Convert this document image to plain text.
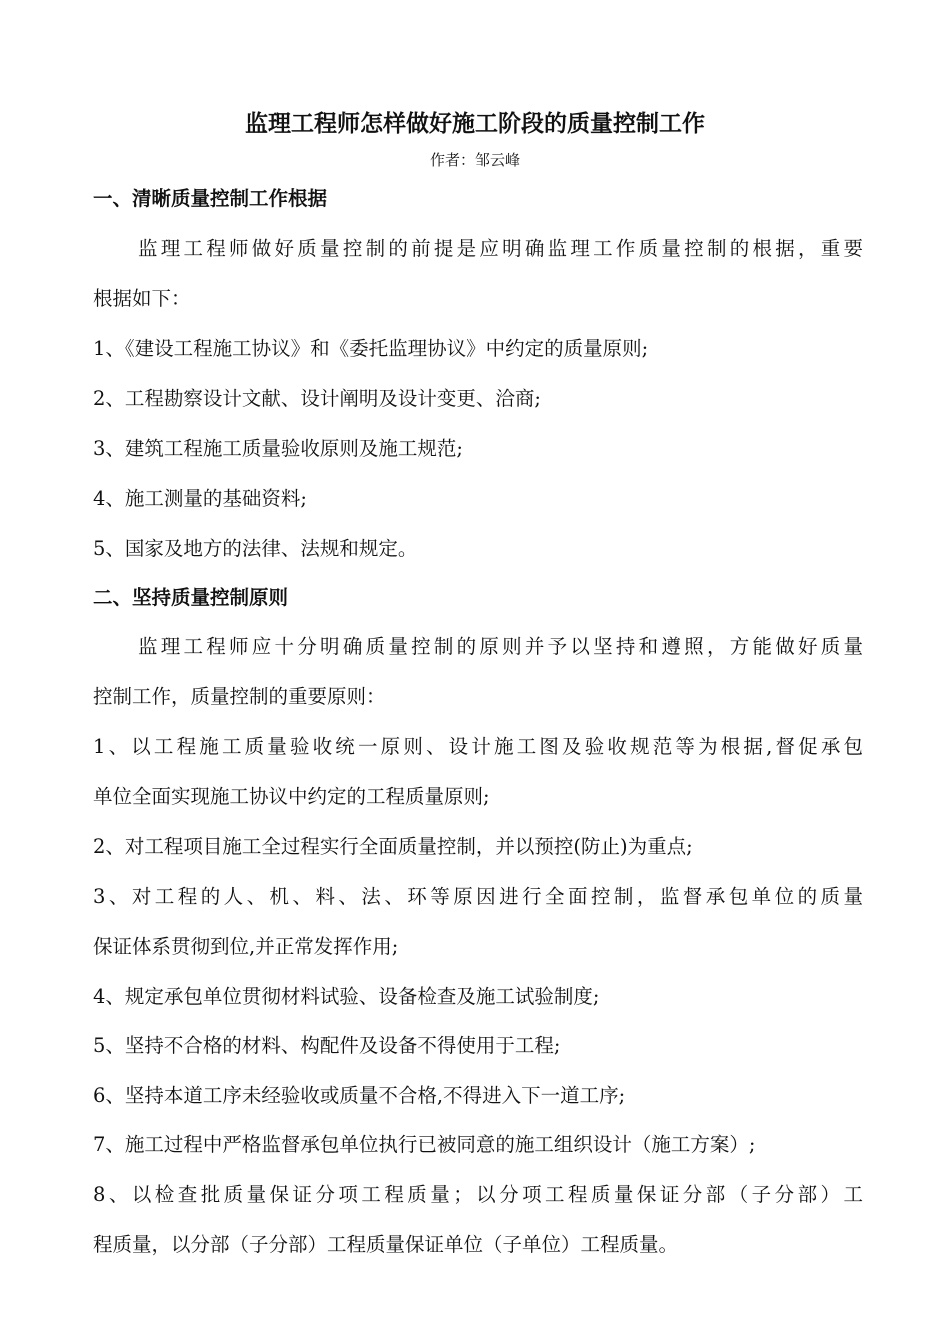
监理工程师怎样做好施工阶段的质量控制工作
作者：邹云峰
一、清晰质量控制工作根据
监理工程师做好质量控制的前提是应明确监理工作质量控制的根据，重要
根据如下：
1、《建设工程施工协议》和《委托监理协议》中约定的质量原则;
2、工程勘察设计文献、设计阐明及设计变更、洽商;
3、建筑工程施工质量验收原则及施工规范;
4、施工测量的基础资料;
5、国家及地方的法律、法规和规定。
二、坚持质量控制原则
监理工程师应十分明确质量控制的原则并予以坚持和遵照，方能做好质量
控制工作，质量控制的重要原则：
1、以工程施工质量验收统一原则、设计施工图及验收规范等为根据,督促承包
单位全面实现施工协议中约定的工程质量原则;
2、对工程项目施工全过程实行全面质量控制，并以预控(防止)为重点;
3、对工程的人、机、料、法、环等原因进行全面控制，监督承包单位的质量
保证体系贯彻到位,并正常发挥作用;
4、规定承包单位贯彻材料试验、设备检查及施工试验制度;
5、坚持不合格的材料、构配件及设备不得使用于工程;
6、坚持本道工序未经验收或质量不合格,不得进入下一道工序;
7、施工过程中严格监督承包单位执行已被同意的施工组织设计（施工方案）;
8、以检查批质量保证分项工程质量；以分项工程质量保证分部（子分部）工
程质量，以分部（子分部）工程质量保证单位（子单位）工程质量。
